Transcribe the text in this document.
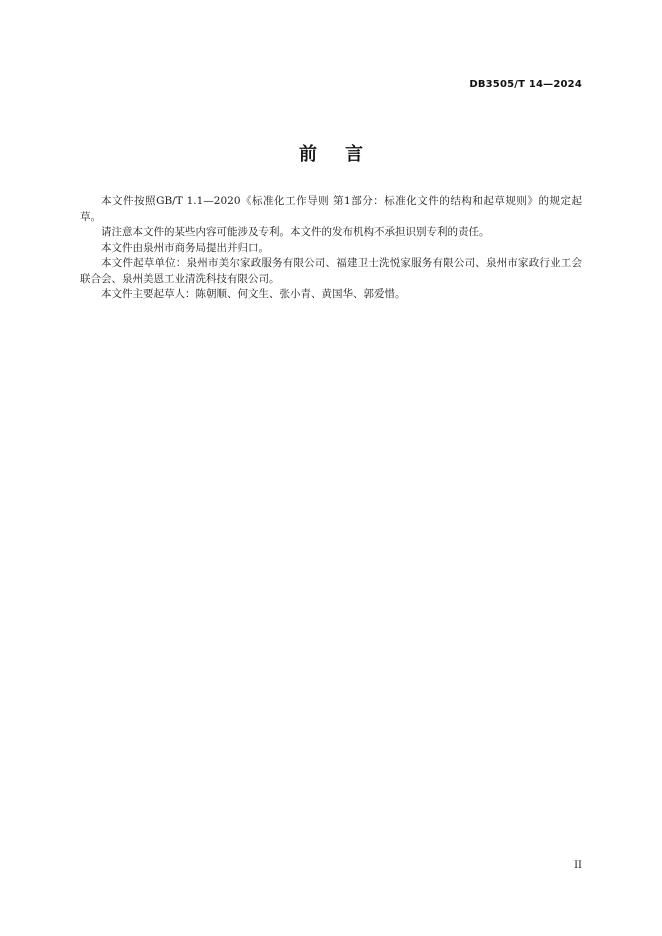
DB3505/T 14—2024
前言

本文件按照GB/T 1.1—2020《标准化工作导则 第1部分：标准化文件的结构和起草规则》的规定起草。

请注意本文件的某些内容可能涉及专利。本文件的发布机构不承担识别专利的责任。

本文件由泉州市商务局提出并归口。

本文件起草单位：泉州市美尔家政服务有限公司、福建卫士洗悦家服务有限公司、泉州市家政行业工会联合会、泉州美恩工业清洗科技有限公司。

本文件主要起草人：陈朝顺、何文生、张小青、黄国华、郭爱惜。

II
